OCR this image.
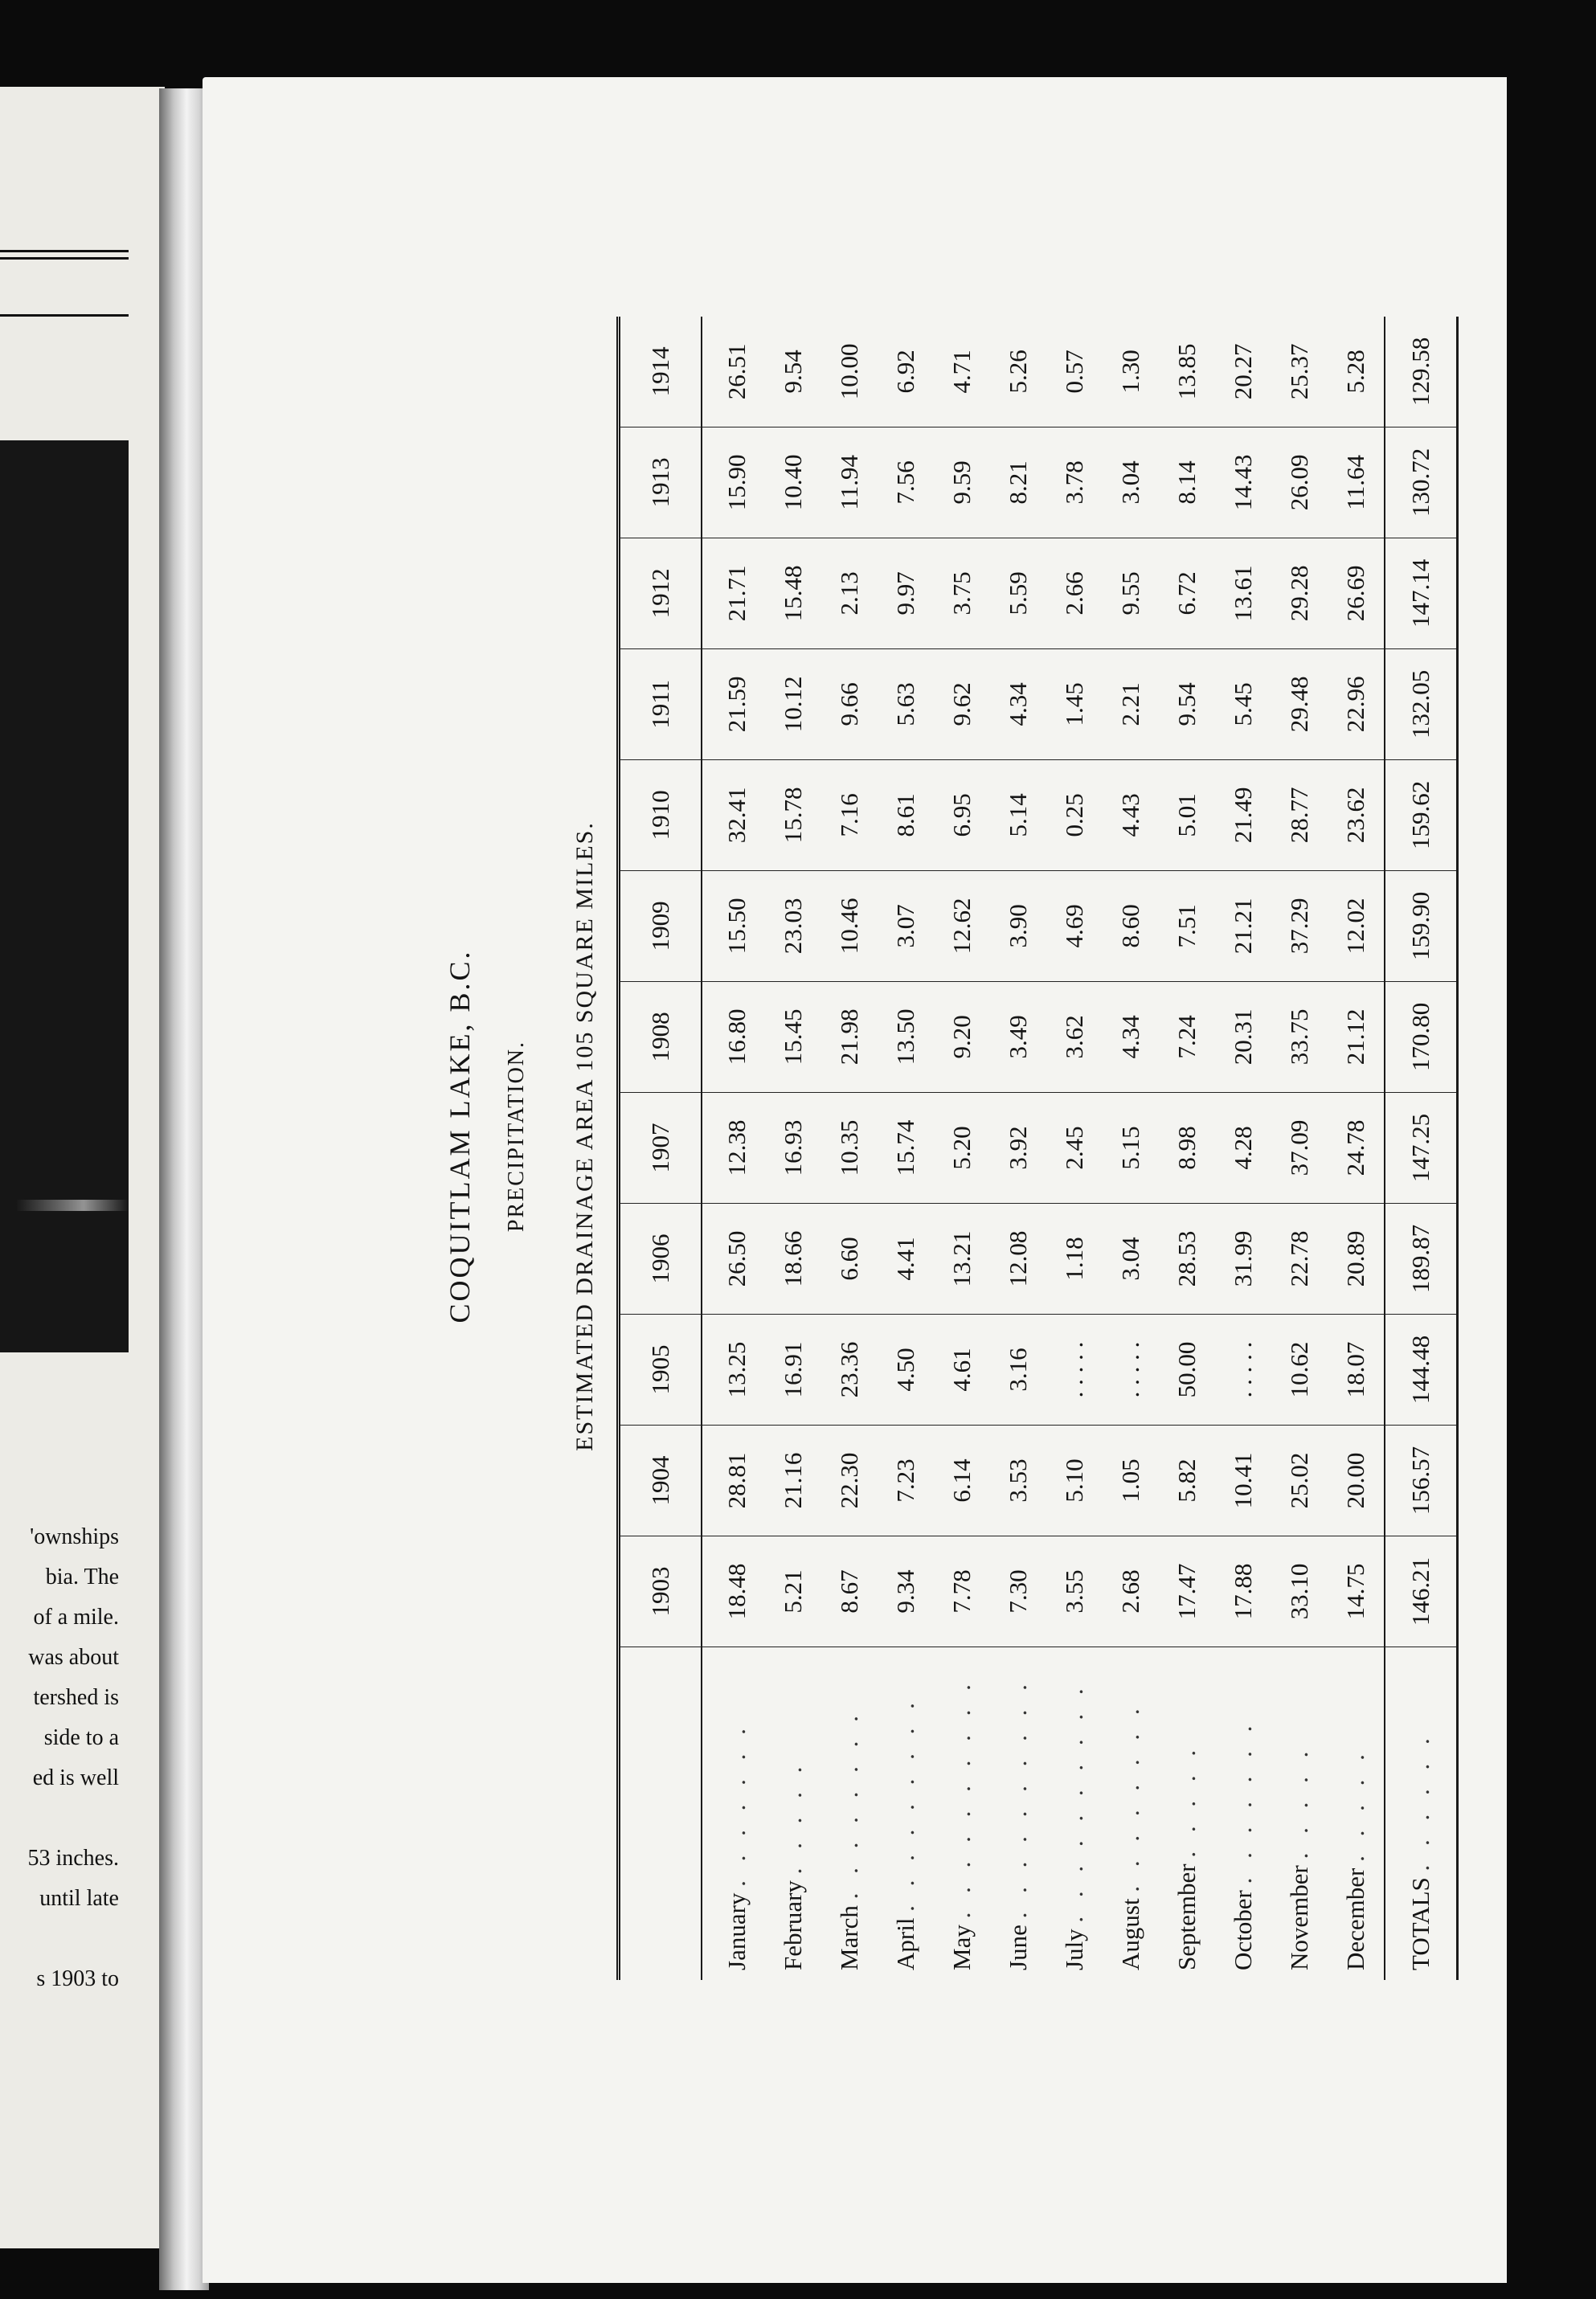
'ownships
bia. The
of a mile.
was about
tershed is
side to a
ed is well

53 inches.
until late

s 1903 to
COQUITLAM LAKE, B.C. PRECIPITATION. ESTIMATED DRAINAGE AREA 105 SQUARE MILES.
	1903	1904	1905	1906	1907	1908	1909	1910	1911	1912	1913	1914
January . . . . . . .	18.48	28.81	13.25	26.50	12.38	16.80	15.50	32.41	21.59	21.71	15.90	26.51
February . . . . .	5.21	21.16	16.91	18.66	16.93	15.45	23.03	15.78	10.12	15.48	10.40	9.54
March . . . . . . . .	8.67	22.30	23.36	6.60	10.35	21.98	10.46	7.16	9.66	2.13	11.94	10.00
April . . . . . . . . .	9.34	7.23	4.50	4.41	15.74	13.50	3.07	8.61	5.63	9.97	7.56	6.92
May . . . . . . . . . .	7.78	6.14	4.61	13.21	5.20	9.20	12.62	6.95	9.62	3.75	9.59	4.71
June . . . . . . . . . .	7.30	3.53	3.16	12.08	3.92	3.49	3.90	5.14	4.34	5.59	8.21	5.26
July . . . . . . . . . .	3.55	5.10	. . . . .	1.18	2.45	3.62	4.69	0.25	1.45	2.66	3.78	0.57
August . . . . . . . .	2.68	1.05	. . . . .	3.04	5.15	4.34	8.60	4.43	2.21	9.55	3.04	1.30
September . . . . .	17.47	5.82	50.00	28.53	8.98	7.24	7.51	5.01	9.54	6.72	8.14	13.85
October . . . . . . .	17.88	10.41	. . . . .	31.99	4.28	20.31	21.21	21.49	5.45	13.61	14.43	20.27
November . . . . .	33.10	25.02	10.62	22.78	37.09	33.75	37.29	28.77	29.48	29.28	26.09	25.37
December . . . . .	14.75	20.00	18.07	20.89	24.78	21.12	12.02	23.62	22.96	26.69	11.64	5.28
TOTALS . . . . . .	146.21	156.57	144.48	189.87	147.25	170.80	159.90	159.62	132.05	147.14	130.72	129.58
